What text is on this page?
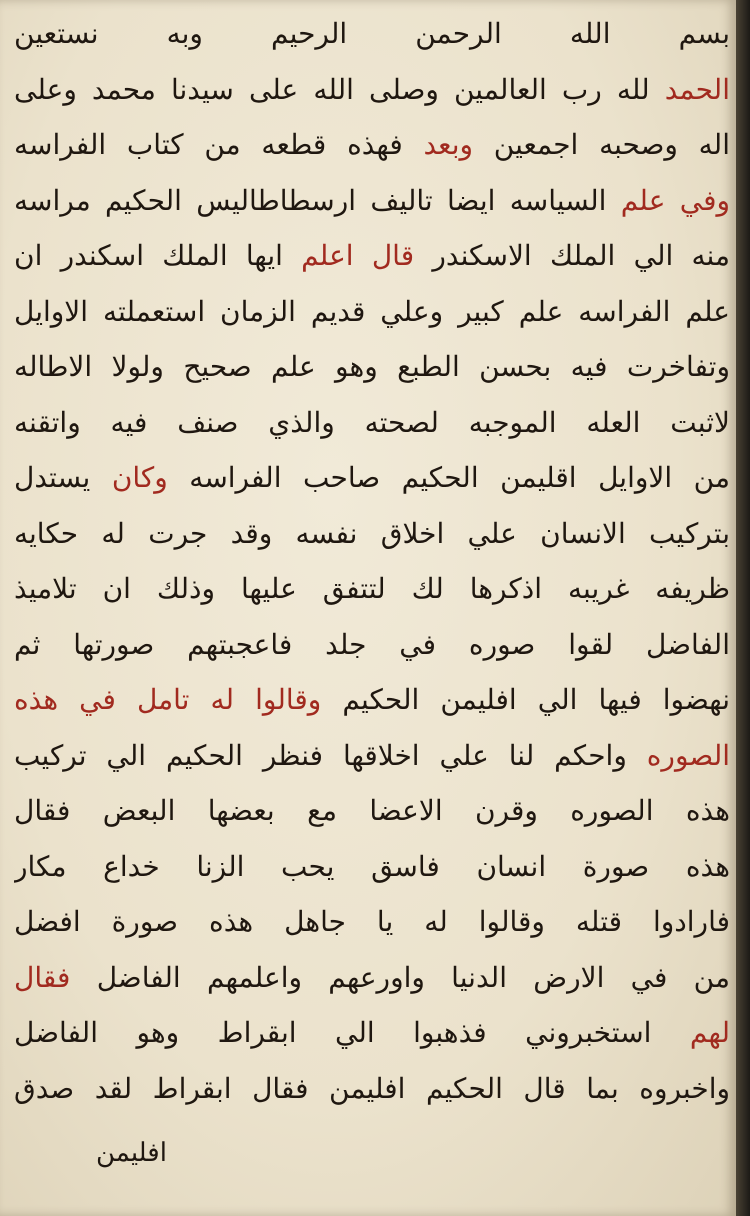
بسم الله الرحمن الرحيم وبه نستعين
الحمد لله رب العالمين وصلى الله على سيدنا محمد وعلى
اله وصحبه اجمعين وبعد فهذه قطعه من كتاب الفراسه
وفي علم السياسه ايضا تاليف ارسطاطاليس الحكيم مراسه
منه الي الملك الاسكندر قال اعلم ايها الملك اسكندر ان
علم الفراسه علم كبير وعلي قديم الزمان استعملته الاوايل
وتفاخرت فيه بحسن الطبع وهو علم صحيح ولولا الاطاله
لاثبت العله الموجبه لصحته والذي صنف فيه واتقنه
من الاوايل اقليمن الحكيم صاحب الفراسه وكان يستدل
بتركيب الانسان علي اخلاق نفسه وقد جرت له حكايه
ظريفه غريبه اذكرها لك لتتفق عليها وذلك ان تلاميذ
الفاضل لقوا صوره في جلد فاعجبتهم صورتها ثم
نهضوا فيها الي افليمن الحكيم وقالوا له تامل في هذه
الصوره واحكم لنا علي اخلاقها فنظر الحكيم الي تركيب
هذه الصوره وقرن الاعضا مع بعضها البعض فقال
هذه صورة انسان فاسق يحب الزنا خداع مكار
فارادوا قتله وقالوا له يا جاهل هذه صورة افضل
من في الارض الدنيا واورعهم واعلمهم الفاضل فقال
لهم استخبروني فذهبوا الي ابقراط وهو الفاضل
واخبروه بما قال الحكيم افليمن فقال ابقراط لقد صدق
افليمن
